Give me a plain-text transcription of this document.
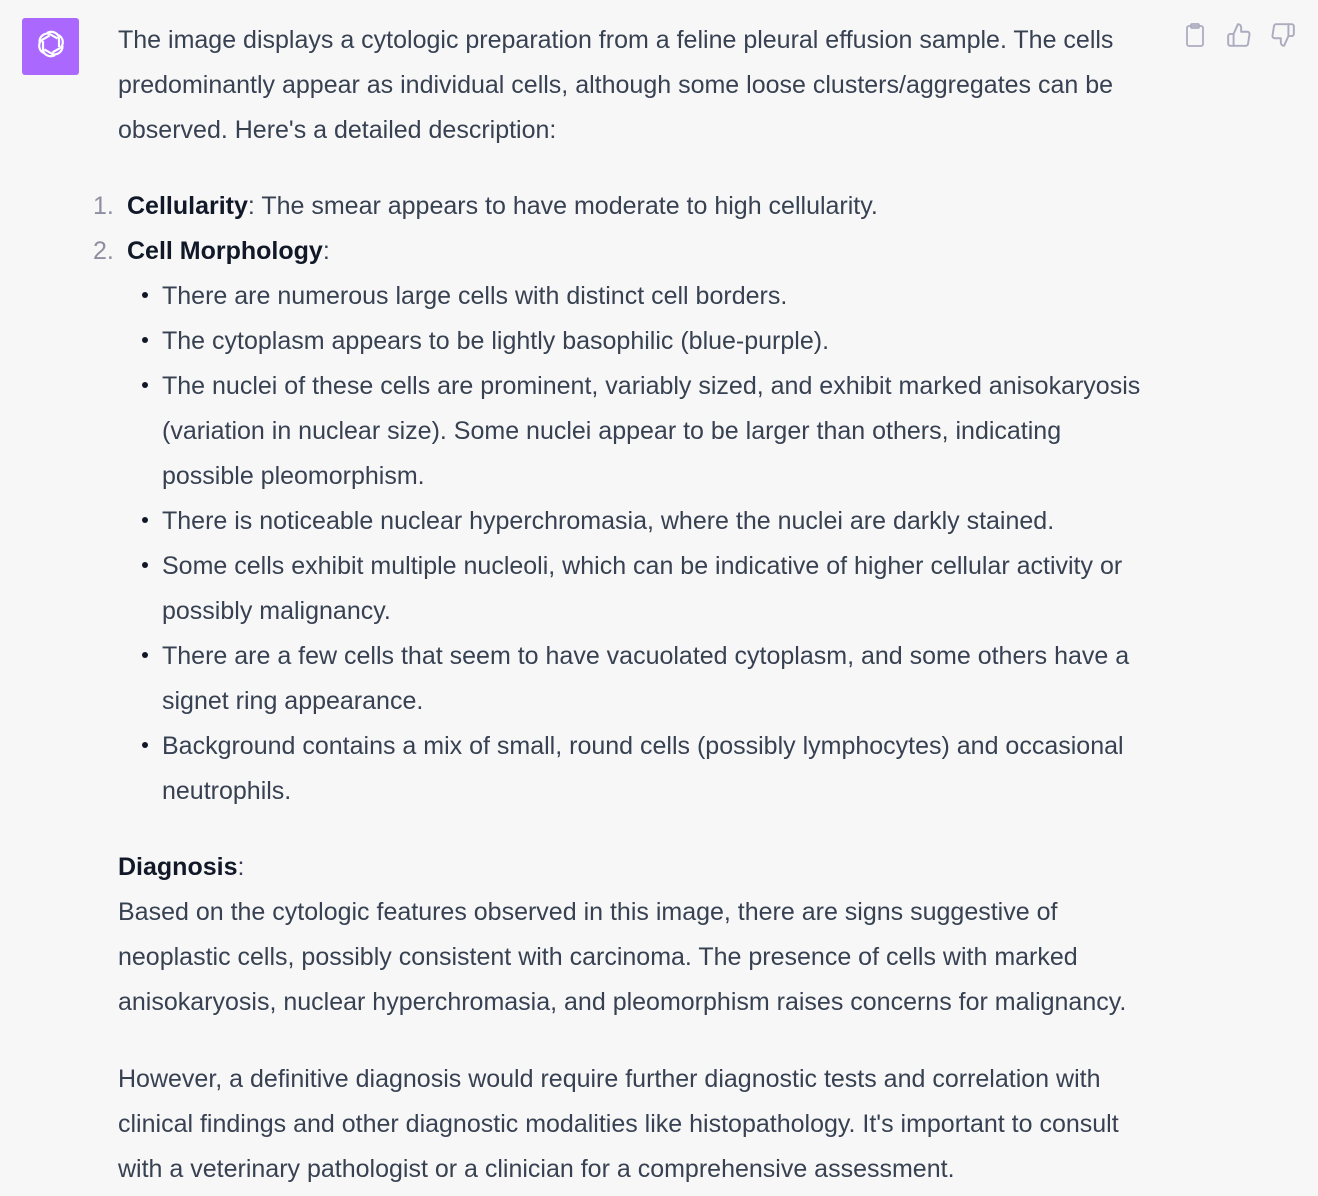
The image displays a cytologic preparation from a feline pleural effusion sample. The cells predominantly appear as individual cells, although some loose clusters/aggregates can be observed. Here's a detailed description:

1. Cellularity: The smear appears to have moderate to high cellularity.
2. Cell Morphology:
There are numerous large cells with distinct cell borders.
The cytoplasm appears to be lightly basophilic (blue-purple).
The nuclei of these cells are prominent, variably sized, and exhibit marked anisokaryosis (variation in nuclear size). Some nuclei appear to be larger than others, indicating possible pleomorphism.
There is noticeable nuclear hyperchromasia, where the nuclei are darkly stained.
Some cells exhibit multiple nucleoli, which can be indicative of higher cellular activity or possibly malignancy.
There are a few cells that seem to have vacuolated cytoplasm, and some others have a signet ring appearance.
Background contains a mix of small, round cells (possibly lymphocytes) and occasional neutrophils.

Diagnosis:

Based on the cytologic features observed in this image, there are signs suggestive of neoplastic cells, possibly consistent with carcinoma. The presence of cells with marked anisokaryosis, nuclear hyperchromasia, and pleomorphism raises concerns for malignancy.

However, a definitive diagnosis would require further diagnostic tests and correlation with clinical findings and other diagnostic modalities like histopathology. It's important to consult with a veterinary pathologist or a clinician for a comprehensive assessment.
